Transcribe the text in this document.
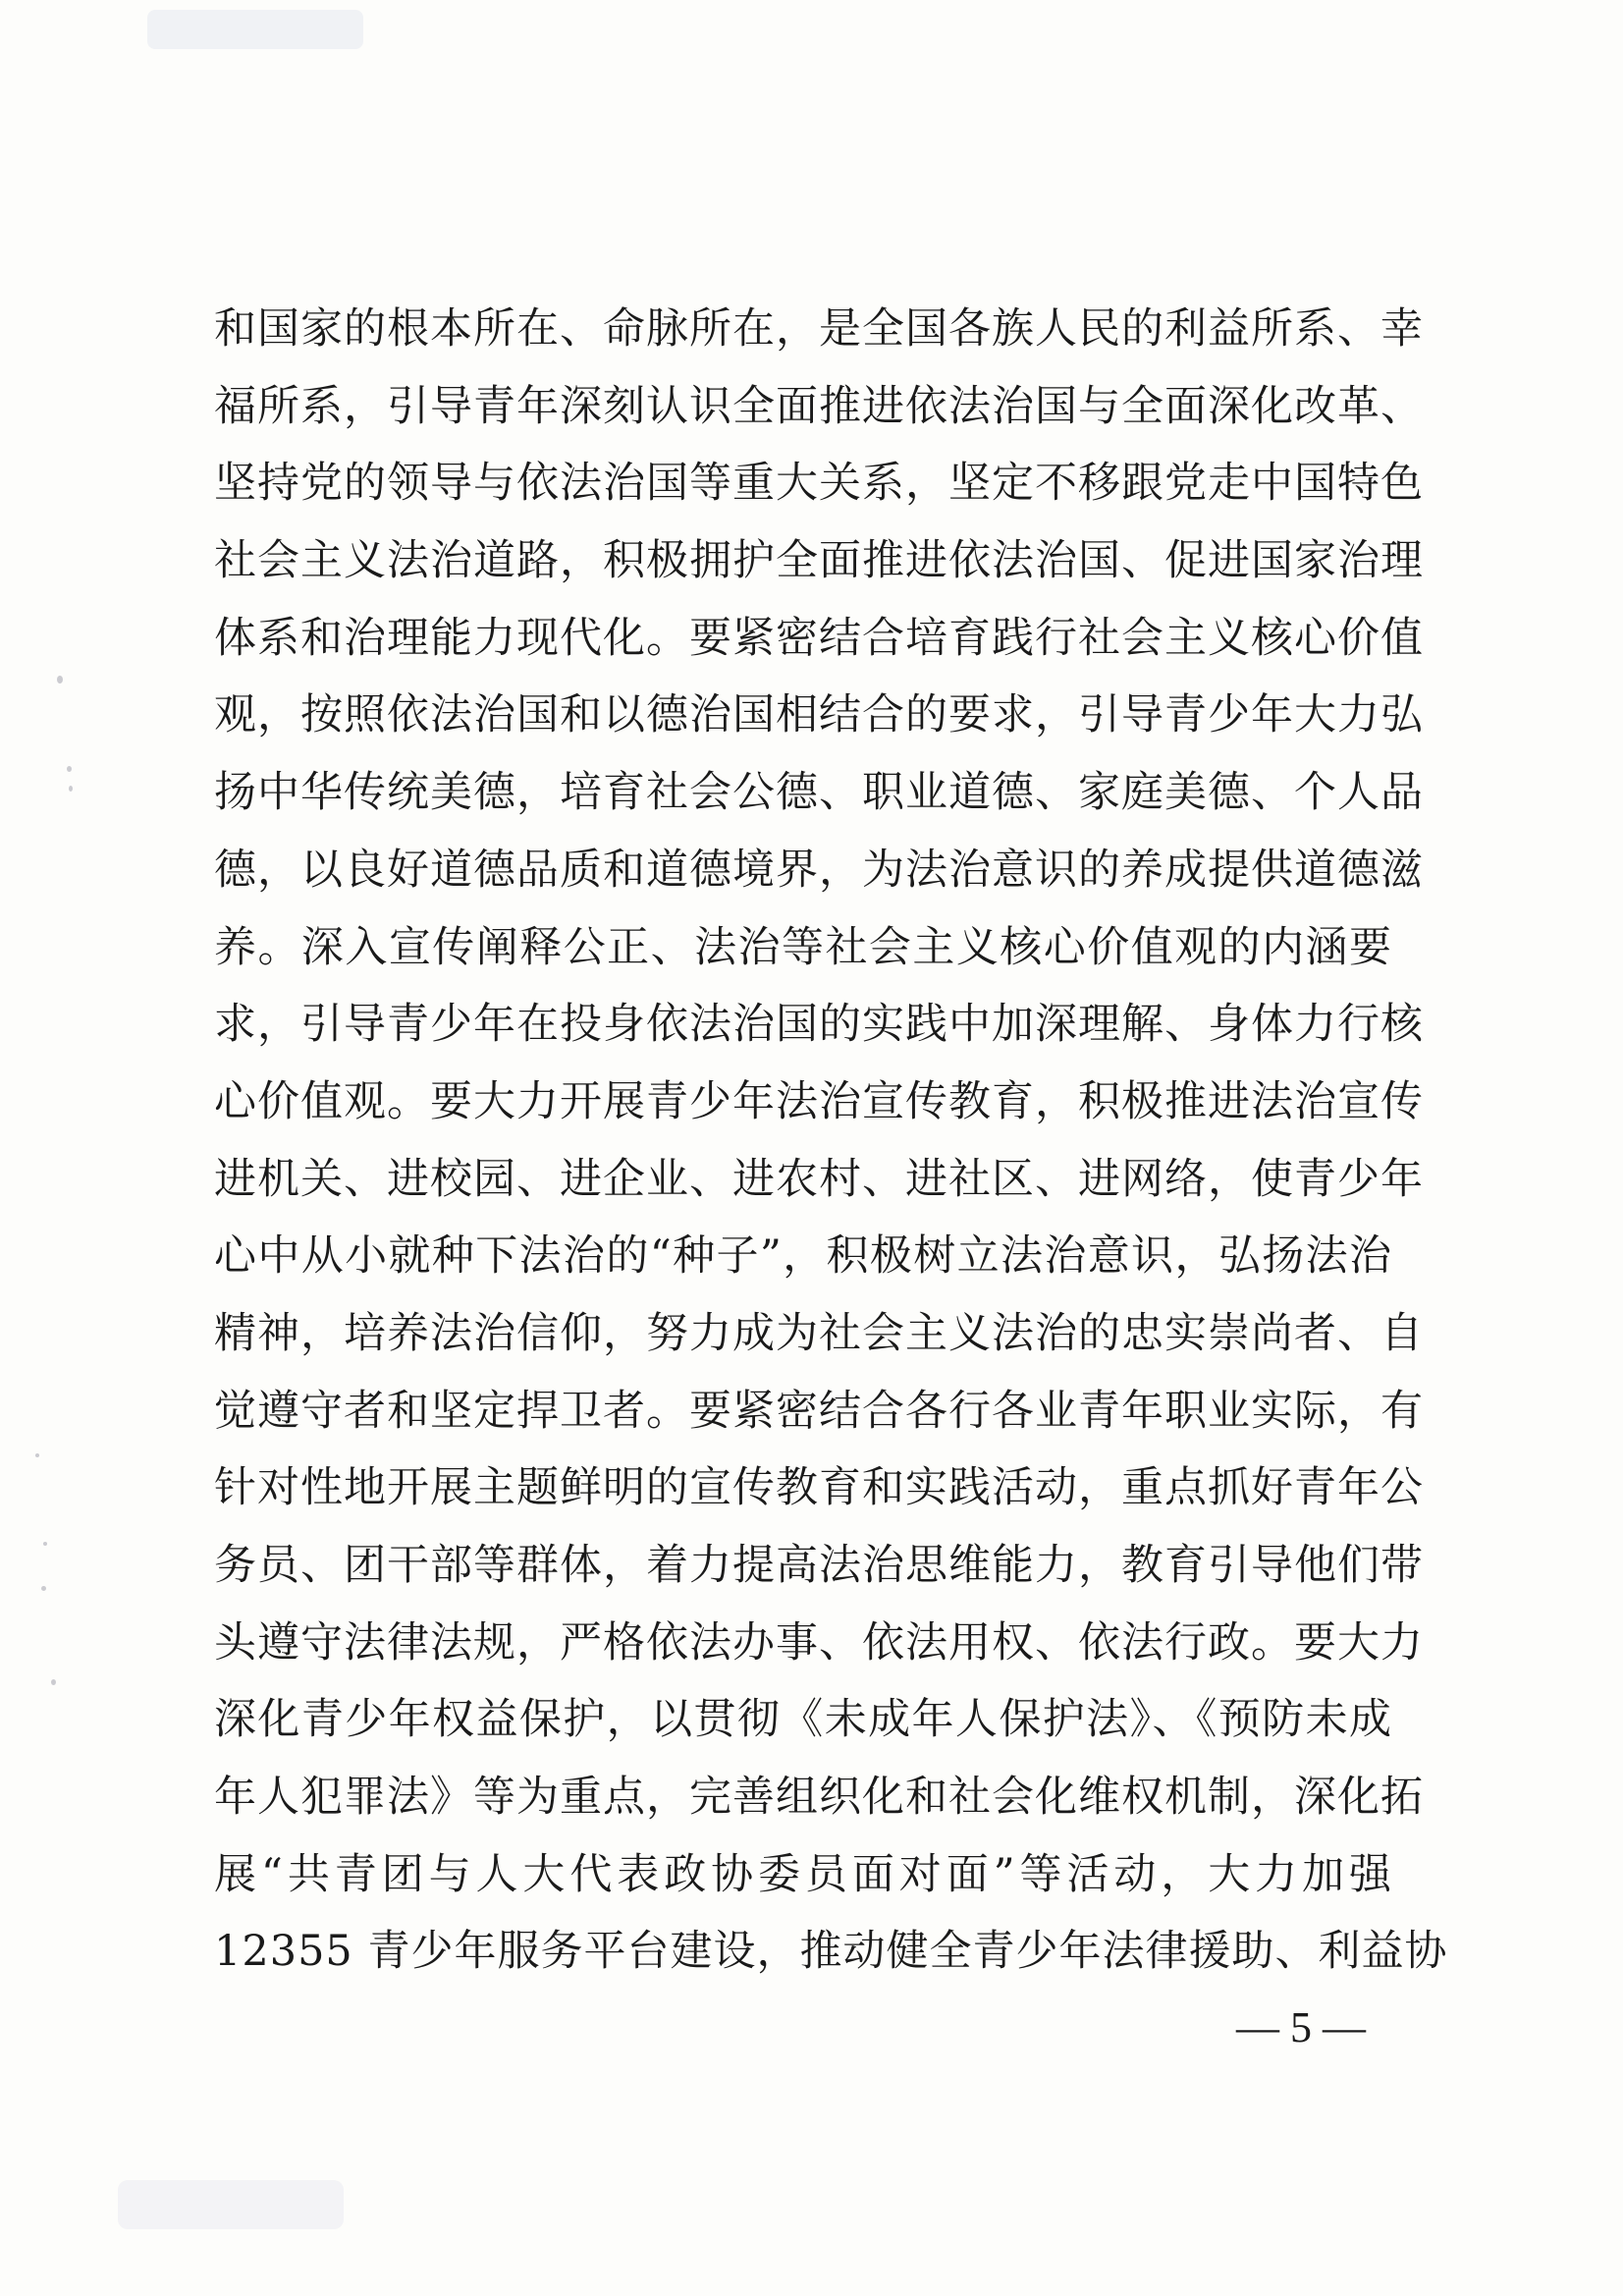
和国家的根本所在、命脉所在，是全国各族人民的利益所系、幸
福所系，引导青年深刻认识全面推进依法治国与全面深化改革、
坚持党的领导与依法治国等重大关系，坚定不移跟党走中国特色
社会主义法治道路，积极拥护全面推进依法治国、促进国家治理
体系和治理能力现代化。要紧密结合培育践行社会主义核心价值
观，按照依法治国和以德治国相结合的要求，引导青少年大力弘
扬中华传统美德，培育社会公德、职业道德、家庭美德、个人品
德，以良好道德品质和道德境界，为法治意识的养成提供道德滋
养。深入宣传阐释公正、法治等社会主义核心价值观的内涵要
求，引导青少年在投身依法治国的实践中加深理解、身体力行核
心价值观。要大力开展青少年法治宣传教育，积极推进法治宣传
进机关、进校园、进企业、进农村、进社区、进网络，使青少年
心中从小就种下法治的“种子”，积极树立法治意识，弘扬法治
精神，培养法治信仰，努力成为社会主义法治的忠实崇尚者、自
觉遵守者和坚定捍卫者。要紧密结合各行各业青年职业实际，有
针对性地开展主题鲜明的宣传教育和实践活动，重点抓好青年公
务员、团干部等群体，着力提高法治思维能力，教育引导他们带
头遵守法律法规，严格依法办事、依法用权、依法行政。要大力
深化青少年权益保护，以贯彻《未成年人保护法》、《预防未成
年人犯罪法》等为重点，完善组织化和社会化维权机制，深化拓
展“共青团与人大代表政协委员面对面”等活动，大力加强
12355 青少年服务平台建设，推动健全青少年法律援助、利益协
— 5 —
